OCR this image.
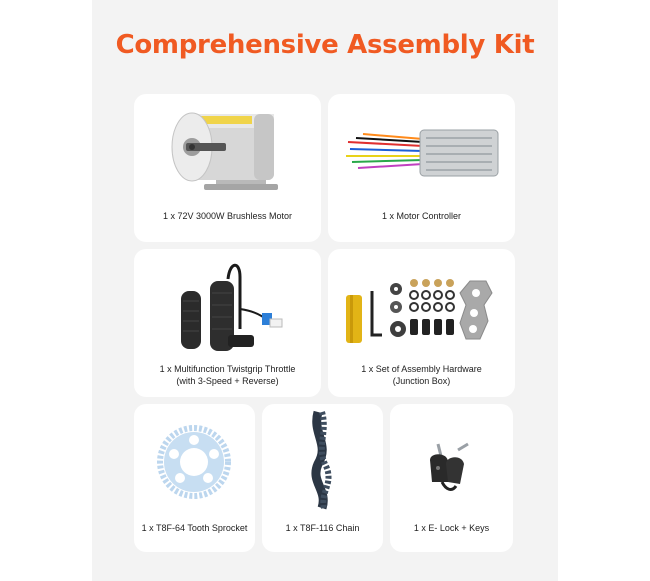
Comprehensive Assembly Kit
1 x 72V 3000W Brushless Motor	1 x Motor Controller
1 x Multifunction Twistgrip Throttle
(with 3-Speed + Reverse)
1 x Set of Assembly Hardware
(Junction Box)
1 x T8F-64 Tooth Sprocket	1 x T8F-116 Chain	1 x E- Lock + Keys
